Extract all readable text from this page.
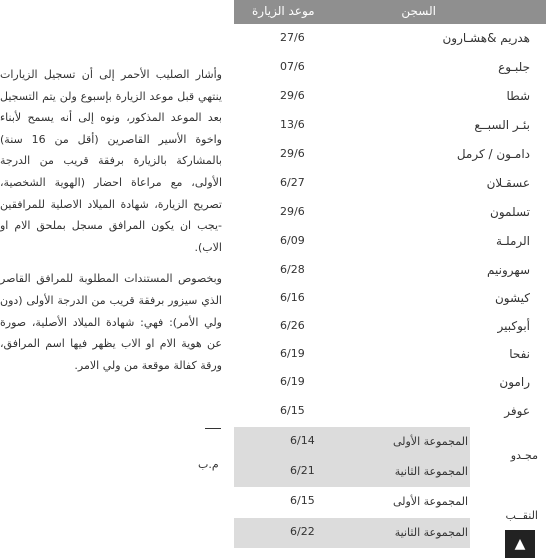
السجن
موعد الزيارة
هدريم &هشـارون
27/6
جلبـوع
07/6
شطا
29/6
بئـر السبــع
13/6
دامـون / كرمل
29/6
عسقـلان
6/27
تسلمون
29/6
الرملـة
6/09
سهرونيم
6/28
كيشون
6/16
أبوكبير
6/26
نفحا
6/19
رامون
6/19
عوفر
6/15
مجـدو
المجموعة الأولى
6/14
المجموعة الثانية
6/21
النقــب
المجموعة الأولى
6/15
المجموعة الثانية
6/22

وأشار الصليب الأحمر إلى أن تسجيل الزيارات ينتهي قبل موعد الزيارة بإسبوع ولن يتم التسجيل بعد الموعد المذكور، ونوه إلى أنه يسمح لأبناء واخوة الأسير القاصرين (أقل من 16 سنة) بالمشاركة بالزيارة برفقة قريب من الدرجة الأولى، مع مراعاة احضار (الهوية الشخصية، تصريح الزيارة، شهادة الميلاد الاصلية للمرافقين -يجب ان يكون المرافق مسجل بملحق الام او الاب).

وبخصوص المستندات المطلوبة للمرافق القاصر الذي سيزور برفقة قريب من الدرجة الأولى (دون ولي الأمر): فهي: شهادة الميلاد الأصلية، صورة عن هوية الام او الاب يظهر فيها اسم المرافق، ورقة كفالة موقعة من ولي الامر.

م.ب
▲
